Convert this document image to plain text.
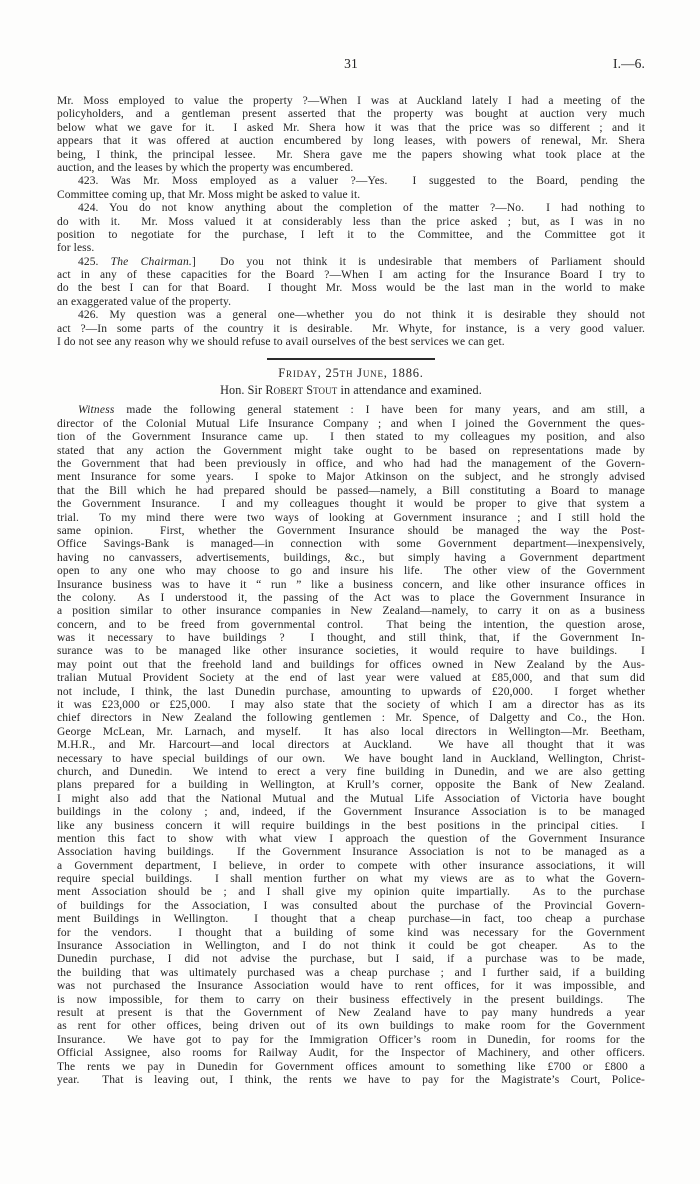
31	I.—6.
Mr. Moss employed to value the property ?—When I was at Auckland lately I had a meeting of the
policyholders, and a gentleman present asserted that the property was bought at auction very much
below what we gave for it.  I asked Mr. Shera how it was that the price was so different ; and it
appears that it was offered at auction encumbered by long leases, with powers of renewal, Mr. Shera
being, I think, the principal lessee.  Mr. Shera gave me the papers showing what took place at the
auction, and the leases by which the property was encumbered.
423. Was Mr. Moss employed as a valuer ?—Yes.  I suggested to the Board, pending the
Committee coming up, that Mr. Moss might be asked to value it.
424. You do not know anything about the completion of the matter ?—No.  I had nothing to
do with it.  Mr. Moss valued it at considerably less than the price asked ; but, as I was in no
position to negotiate for the purchase, I left it to the Committee, and the Committee got it
for less.
425. The Chairman.]  Do you not think it is undesirable that members of Parliament should
act in any of these capacities for the Board ?—When I am acting for the Insurance Board I try to
do the best I can for that Board.  I thought Mr. Moss would be the last man in the world to make
an exaggerated value of the property.
426. My question was a general one—whether you do not think it is desirable they should not
act ?—In some parts of the country it is desirable.  Mr. Whyte, for instance, is a very good valuer.
I do not see any reason why we should refuse to avail ourselves of the best services we can get.
Friday, 25th June, 1886.
Hon. Sir Robert Stout in attendance and examined.
Witness made the following general statement : I have been for many years, and am still, a
director of the Colonial Mutual Life Insurance Company ; and when I joined the Government the ques-
tion of the Government Insurance came up.  I then stated to my colleagues my position, and also
stated that any action the Government might take ought to be based on representations made by
the Government that had been previously in office, and who had had the management of the Govern-
ment Insurance for some years.  I spoke to Major Atkinson on the subject, and he strongly advised
that the Bill which he had prepared should be passed—namely, a Bill constituting a Board to manage
the Government Insurance.  I and my colleagues thought it would be proper to give that system a
trial.  To my mind there were two ways of looking at Government insurance ; and I still hold the
same opinion.  First, whether the Government Insurance should be managed the way the Post-
Office Savings-Bank is managed—in connection with some Government department—inexpensively,
having no canvassers, advertisements, buildings, &c., but simply having a Government department
open to any one who may choose to go and insure his life.  The other view of the Government
Insurance business was to have it “ run ” like a business concern, and like other insurance offices in
the colony.  As I understood it, the passing of the Act was to place the Government Insurance in
a position similar to other insurance companies in New Zealand—namely, to carry it on as a business
concern, and to be freed from governmental control.  That being the intention, the question arose,
was it necessary to have buildings ?  I thought, and still think, that, if the Government In-
surance was to be managed like other insurance societies, it would require to have buildings.  I
may point out that the freehold land and buildings for offices owned in New Zealand by the Aus-
tralian Mutual Provident Society at the end of last year were valued at £85,000, and that sum did
not include, I think, the last Dunedin purchase, amounting to upwards of £20,000.  I forget whether
it was £23,000 or £25,000.  I may also state that the society of which I am a director has as its
chief directors in New Zealand the following gentlemen : Mr. Spence, of Dalgetty and Co., the Hon.
George McLean, Mr. Larnach, and myself.  It has also local directors in Wellington—Mr. Beetham,
M.H.R., and Mr. Harcourt—and local directors at Auckland.  We have all thought that it was
necessary to have special buildings of our own.  We have bought land in Auckland, Wellington, Christ-
church, and Dunedin.  We intend to erect a very fine building in Dunedin, and we are also getting
plans prepared for a building in Wellington, at Krull’s corner, opposite the Bank of New Zealand.
I might also add that the National Mutual and the Mutual Life Association of Victoria have bought
buildings in the colony ; and, indeed, if the Government Insurance Association is to be managed
like any business concern it will require buildings in the best positions in the principal cities.  I
mention this fact to show with what view I approach the question of the Government Insurance
Association having buildings.  If the Government Insurance Association is not to be managed as a
a Government department, I believe, in order to compete with other insurance associations, it will
require special buildings.  I shall mention further on what my views are as to what the Govern-
ment Association should be ; and I shall give my opinion quite impartially.  As to the purchase
of buildings for the Association, I was consulted about the purchase of the Provincial Govern-
ment Buildings in Wellington.  I thought that a cheap purchase—in fact, too cheap a purchase
for the vendors.  I thought that a building of some kind was necessary for the Government
Insurance Association in Wellington, and I do not think it could be got cheaper.  As to the
Dunedin purchase, I did not advise the purchase, but I said, if a purchase was to be made,
the building that was ultimately purchased was a cheap purchase ; and I further said, if a building
was not purchased the Insurance Association would have to rent offices, for it was impossible, and
is now impossible, for them to carry on their business effectively in the present buildings.  The
result at present is that the Government of New Zealand have to pay many hundreds a year
as rent for other offices, being driven out of its own buildings to make room for the Government
Insurance.  We have got to pay for the Immigration Officer’s room in Dunedin, for rooms for the
Official Assignee, also rooms for Railway Audit, for the Inspector of Machinery, and other officers.
The rents we pay in Dunedin for Government offices amount to something like £700 or £800 a
year.  That is leaving out, I think, the rents we have to pay for the Magistrate’s Court, Police-
